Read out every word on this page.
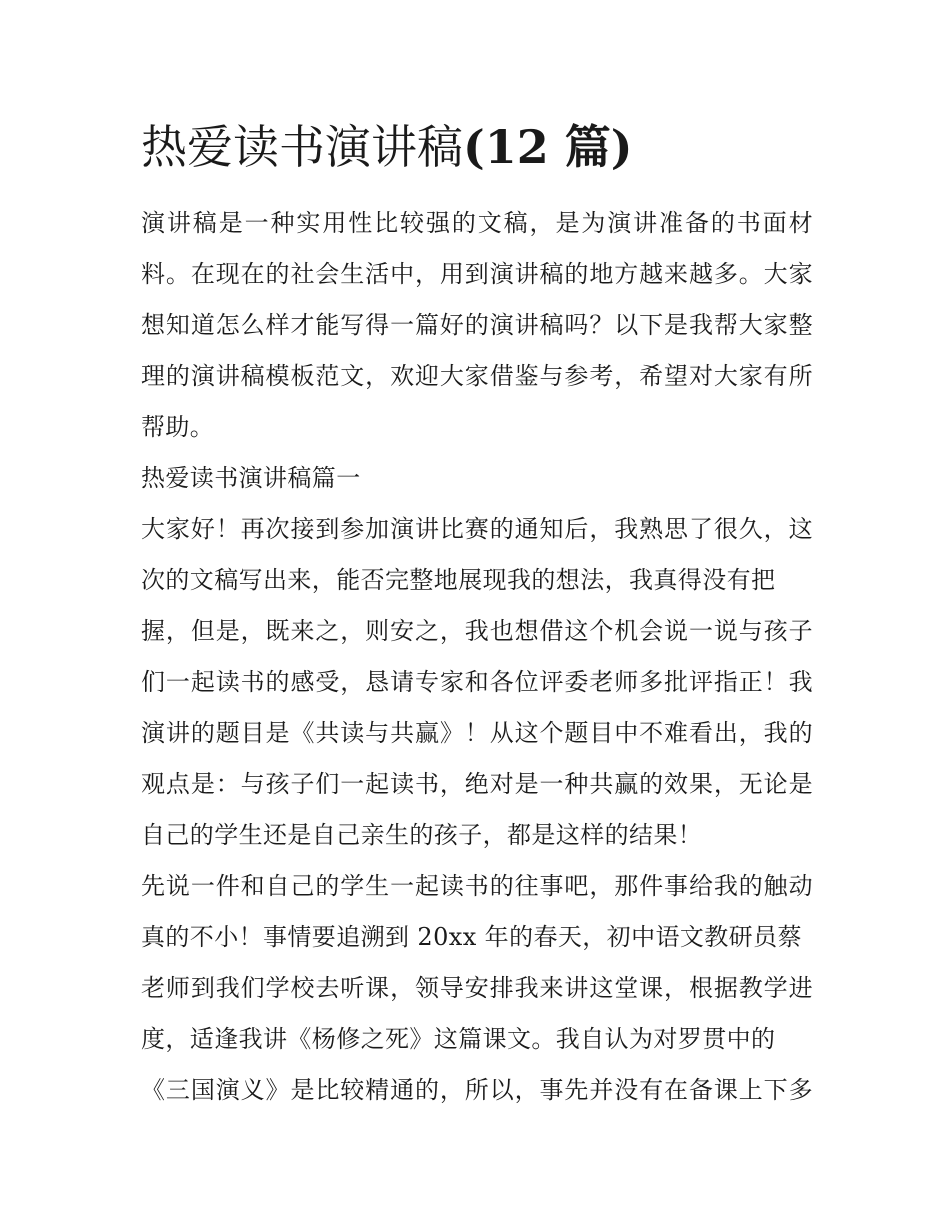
热爱读书演讲稿(12 篇)
演讲稿是一种实用性比较强的文稿，是为演讲准备的书面材
料。在现在的社会生活中，用到演讲稿的地方越来越多。大家
想知道怎么样才能写得一篇好的演讲稿吗？以下是我帮大家整
理的演讲稿模板范文，欢迎大家借鉴与参考，希望对大家有所
帮助。
热爱读书演讲稿篇一
大家好！再次接到参加演讲比赛的通知后，我熟思了很久，这
次的文稿写出来，能否完整地展现我的想法，我真得没有把
握，但是，既来之，则安之，我也想借这个机会说一说与孩子
们一起读书的感受，恳请专家和各位评委老师多批评指正！我
演讲的题目是《共读与共赢》！从这个题目中不难看出，我的
观点是：与孩子们一起读书，绝对是一种共赢的效果，无论是
自己的学生还是自己亲生的孩子，都是这样的结果！
先说一件和自己的学生一起读书的往事吧，那件事给我的触动
真的不小！事情要追溯到 20xx 年的春天，初中语文教研员蔡
老师到我们学校去听课，领导安排我来讲这堂课，根据教学进
度，适逢我讲《杨修之死》这篇课文。我自认为对罗贯中的
《三国演义》是比较精通的，所以，事先并没有在备课上下多
